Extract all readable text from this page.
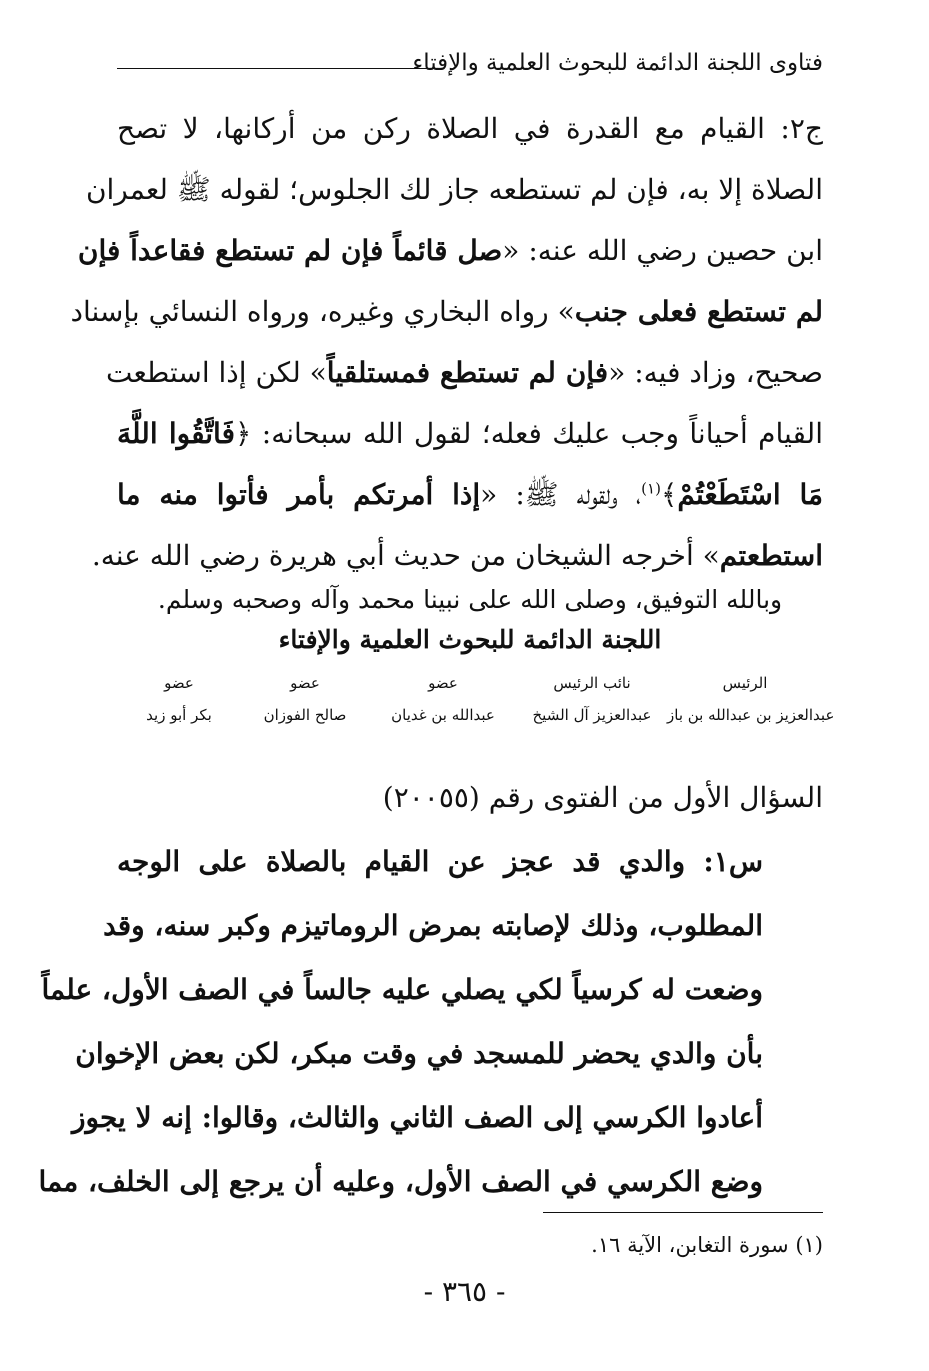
فتاوى اللجنة الدائمة للبحوث العلمية والإفتاء
ج٢: القيام مع القدرة في الصلاة ركن من أركانها، لا تصح
الصلاة إلا به، فإن لم تستطعه جاز لك الجلوس؛ لقوله ﷺ لعمران
ابن حصين رضي الله عنه: «صل قائماً فإن لم تستطع فقاعداً فإن
لم تستطع فعلى جنب» رواه البخاري وغيره، ورواه النسائي بإسناد
صحيح، وزاد فيه: «فإن لم تستطع فمستلقياً» لكن إذا استطعت
القيام أحياناً وجب عليك فعله؛ لقول الله سبحانه: ﴿فَاتَّقُوا اللَّهَ
مَا اسْتَطَعْتُمْ﴾$^{(١)}$، ولقوله ﷺ: «إذا أمرتكم بأمر فأتوا منه ما
استطعتم» أخرجه الشيخان من حديث أبي هريرة رضي الله عنه.
وبالله التوفيق، وصلى الله على نبينا محمد وآله وصحبه وسلم.
اللجنة الدائمة للبحوث العلمية والإفتاء
عضو
بكر أبو زيد
عضو
صالح الفوزان
عضو
عبدالله بن غديان
نائب الرئيس
عبدالعزيز آل الشيخ
الرئيس
عبدالعزيز بن عبدالله بن باز
السؤال الأول من الفتوى رقم (٢٠٠٥٥)
س١: والدي قد عجز عن القيام بالصلاة على الوجه
المطلوب، وذلك لإصابته بمرض الروماتيزم وكبر سنه، وقد
وضعت له كرسياً لكي يصلي عليه جالساً في الصف الأول، علماً
بأن والدي يحضر للمسجد في وقت مبكر، لكن بعض الإخوان
أعادوا الكرسي إلى الصف الثاني والثالث، وقالوا: إنه لا يجوز
وضع الكرسي في الصف الأول، وعليه أن يرجع إلى الخلف، مما
(١) سورة التغابن، الآية ١٦.
- ٣٦٥ -
